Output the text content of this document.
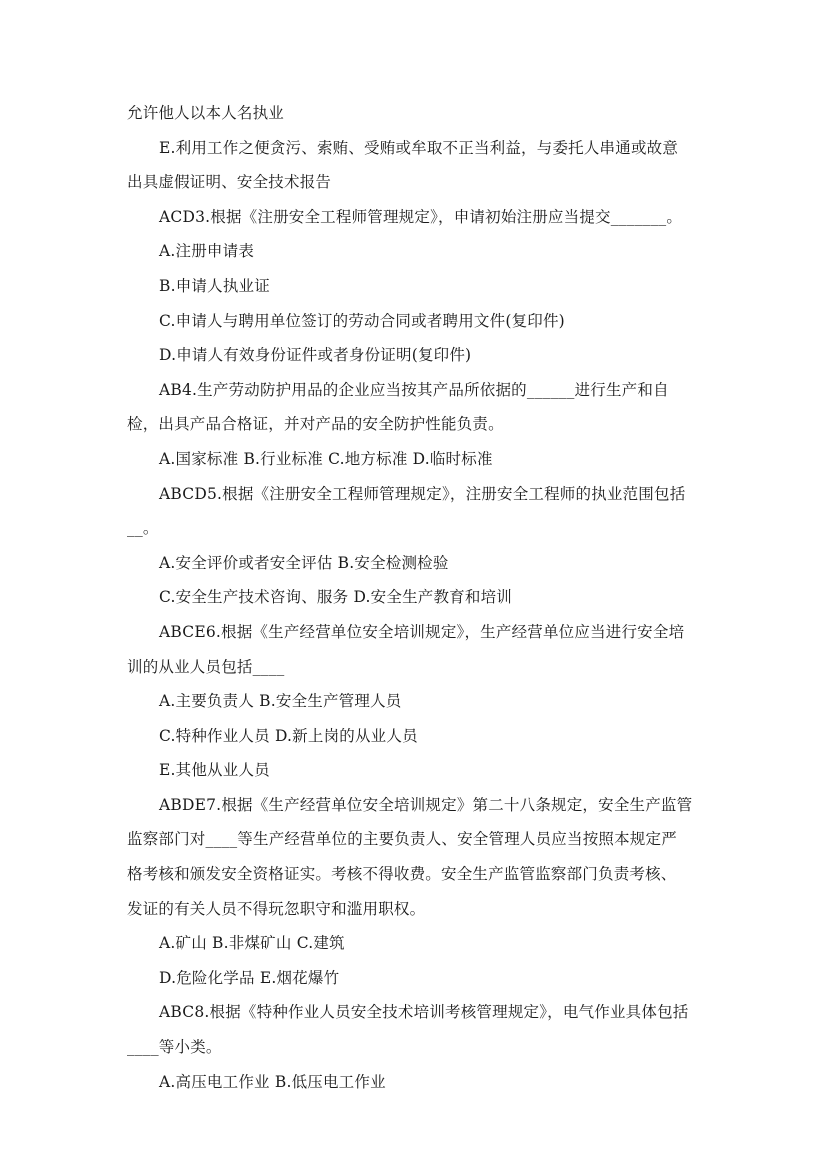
允许他人以本人名执业
E.利用工作之便贪污、索贿、受贿或牟取不正当利益，与委托人串通或故意
出具虚假证明、安全技术报告
ACD3.根据《注册安全工程师管理规定》，申请初始注册应当提交_______。
A.注册申请表
B.申请人执业证
C.申请人与聘用单位签订的劳动合同或者聘用文件(复印件)
D.申请人有效身份证件或者身份证明(复印件)
AB4.生产劳动防护用品的企业应当按其产品所依据的______进行生产和自
检，出具产品合格证，并对产品的安全防护性能负责。
A.国家标准 B.行业标准 C.地方标准 D.临时标准
ABCD5.根据《注册安全工程师管理规定》，注册安全工程师的执业范围包括
__。
A.安全评价或者安全评估 B.安全检测检验
C.安全生产技术咨询、服务 D.安全生产教育和培训
ABCE6.根据《生产经营单位安全培训规定》，生产经营单位应当进行安全培
训的从业人员包括____
A.主要负责人 B.安全生产管理人员
C.特种作业人员 D.新上岗的从业人员
E.其他从业人员
ABDE7.根据《生产经营单位安全培训规定》第二十八条规定，安全生产监管
监察部门对____等生产经营单位的主要负责人、安全管理人员应当按照本规定严
格考核和颁发安全资格证实。考核不得收费。安全生产监管监察部门负责考核、
发证的有关人员不得玩忽职守和滥用职权。
A.矿山 B.非煤矿山 C.建筑
D.危险化学品 E.烟花爆竹
ABC8.根据《特种作业人员安全技术培训考核管理规定》，电气作业具体包括
____等小类。
A.高压电工作业 B.低压电工作业
